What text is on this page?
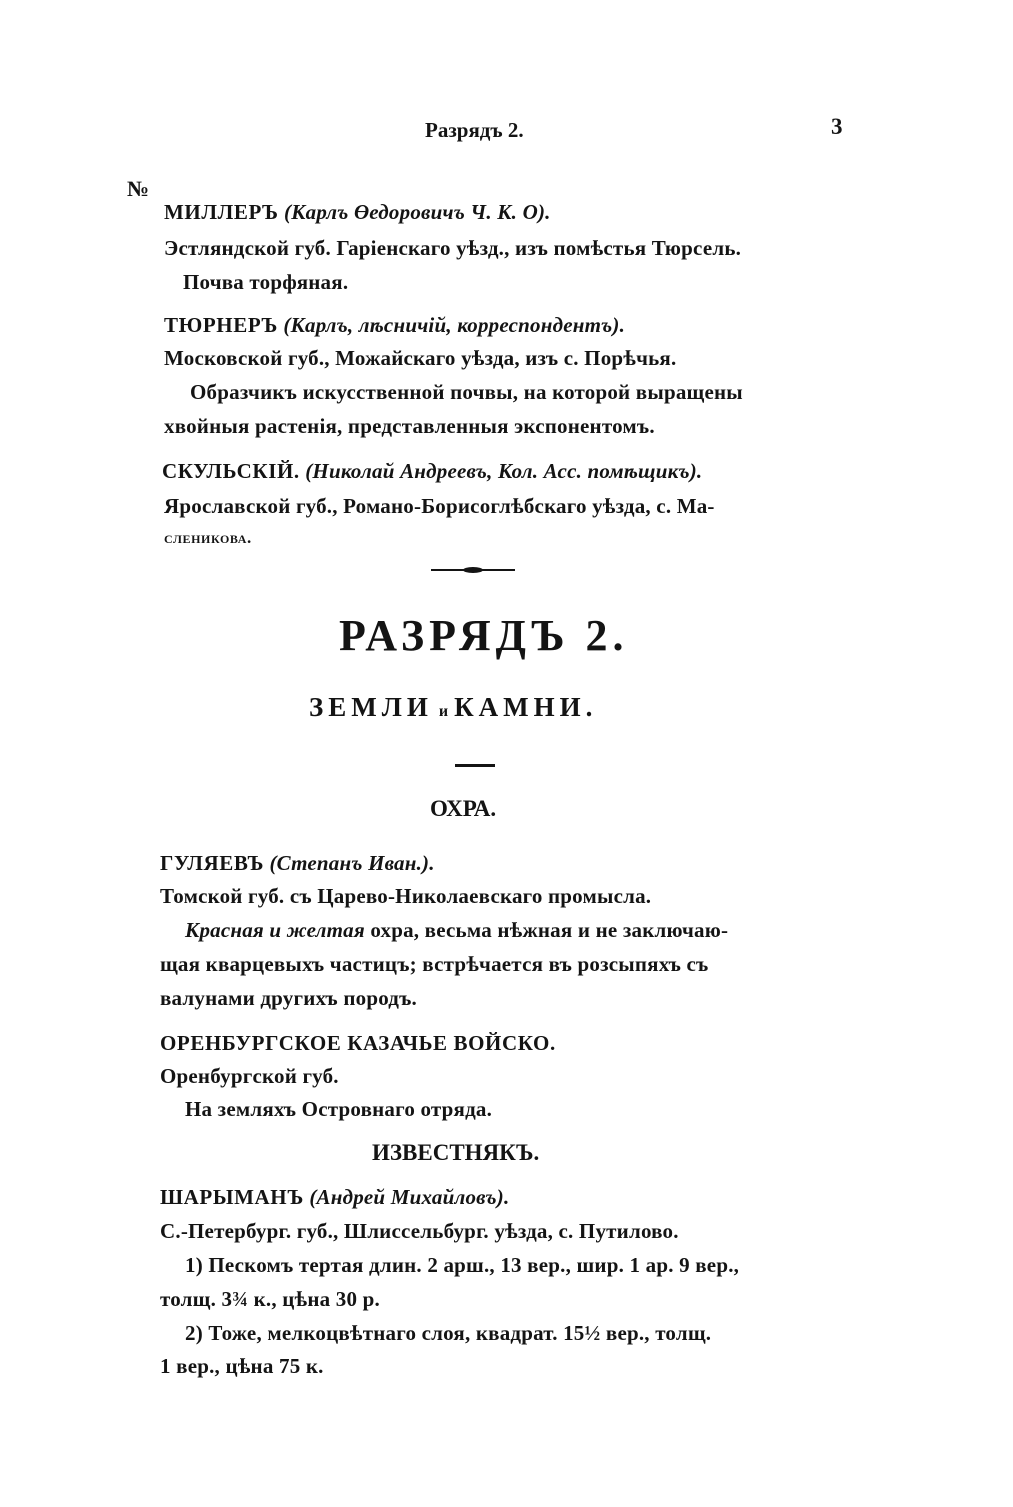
Разрядъ 2.	3
№
МИЛЛЕРЪ (Карлъ Өедоровичъ Ч. К. О).
Эстляндской губ. Гаріенскаго уѣзд., изъ помѣстья Тюрсель.
Почва торфяная.
ТЮРНЕРЪ (Карлъ, лѣсничій, корреспондентъ).
Московской губ., Можайскаго уѣзда, изъ с. Порѣчья.
Образчикъ искусственной почвы, на которой выращены
хвойныя растенія, представленныя экспонентомъ.
СКУЛЬСКІЙ. (Николай Андреевъ, Кол. Асс. помѣщикъ).
Ярославской губ., Романо-Борисоглѣбскаго уѣзда, с. Ма-
сленикова.
РАЗРЯДЪ 2.
ЗЕМЛИ и КАМНИ.
ОХРА.
ГУЛЯЕВЪ (Степанъ Иван.).
Томской губ. съ Царево-Николаевскаго промысла.
Красная и желтая охра, весьма нѣжная и не заключаю-
щая кварцевыхъ частицъ; встрѣчается въ розсыпяхъ съ
валунами другихъ породъ.
ОРЕНБУРГСКОЕ КАЗАЧЬЕ ВОЙСКО.
Оренбургской губ.
На земляхъ Островнаго отряда.
ИЗВЕСТНЯКЪ.
ШАРЫМАНЪ (Андрей Михайловъ).
С.-Петербург. губ., Шлиссельбург. уѣзда, с. Путилово.
1) Пескомъ тертая длин. 2 арш., 13 вер., шир. 1 ар. 9 вер.,
толщ. 3¾ к., цѣна 30 р.
2) Тоже, мелкоцвѣтнаго слоя, квадрат. 15½ вер., толщ.
1 вер., цѣна 75 к.
